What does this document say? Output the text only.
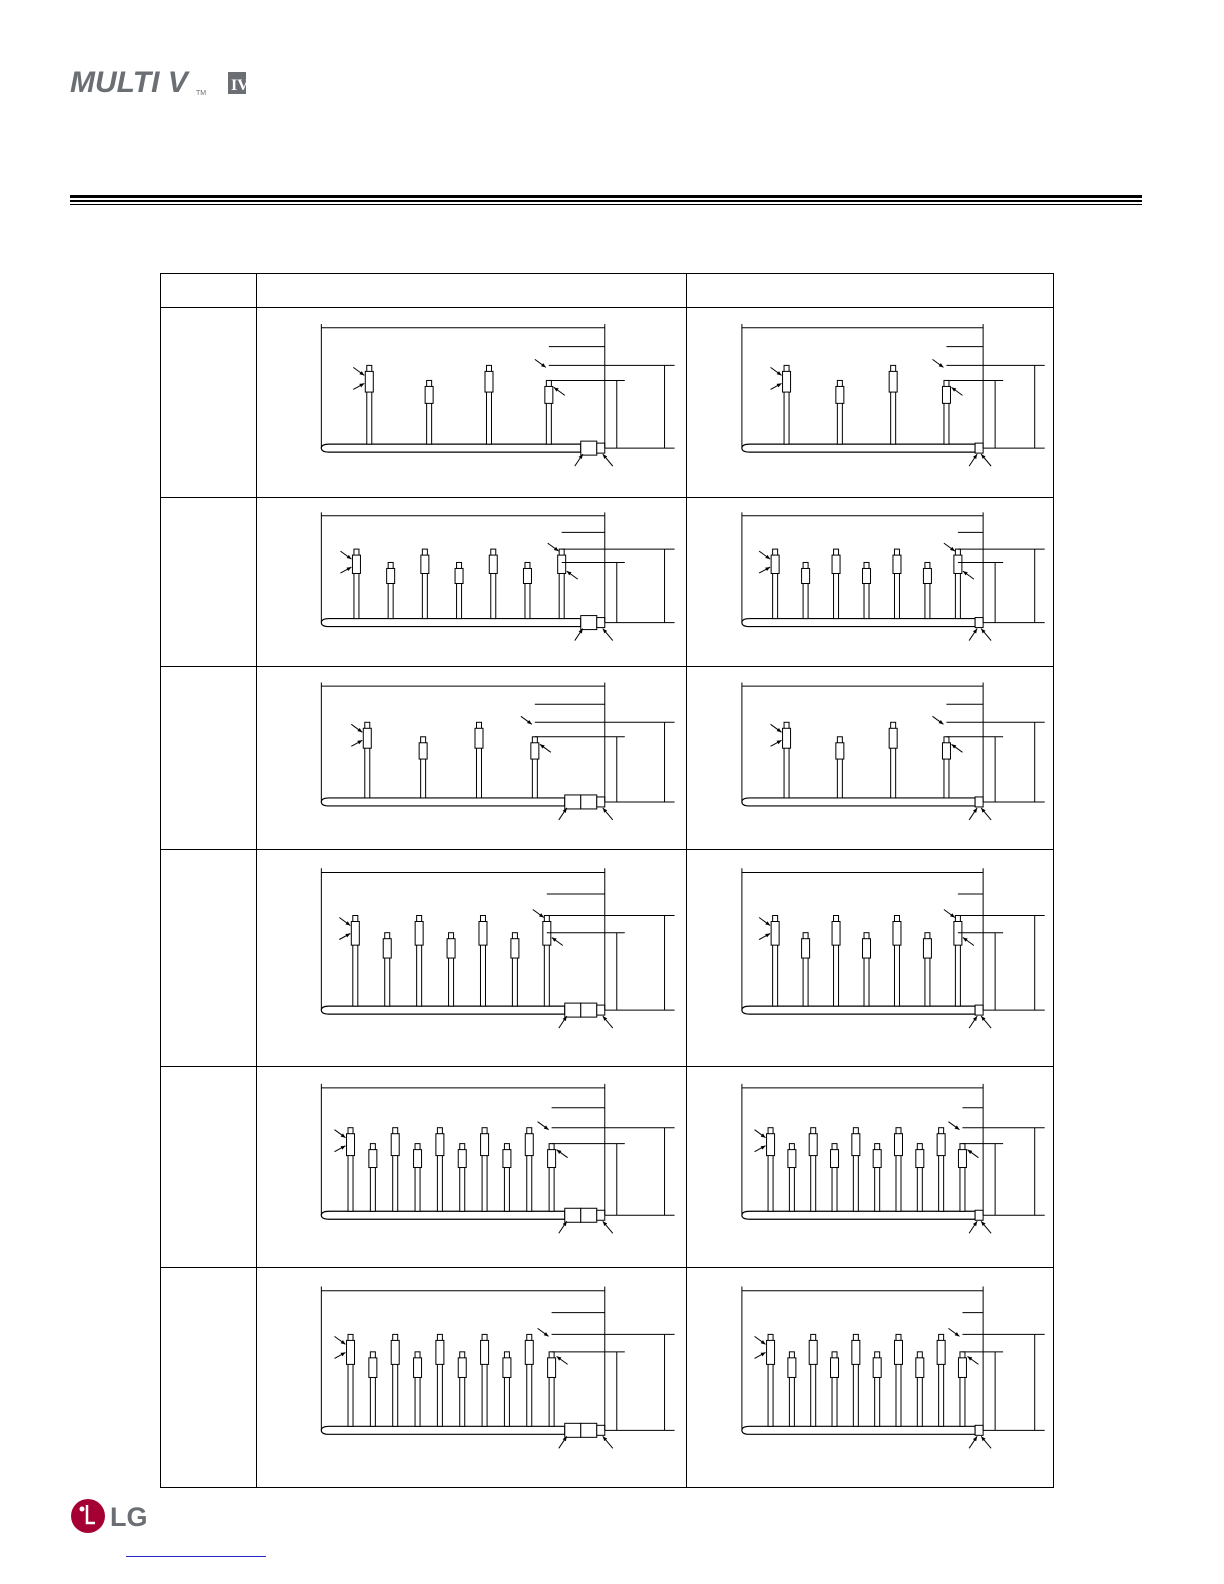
MULTI V	TM IV

LG
